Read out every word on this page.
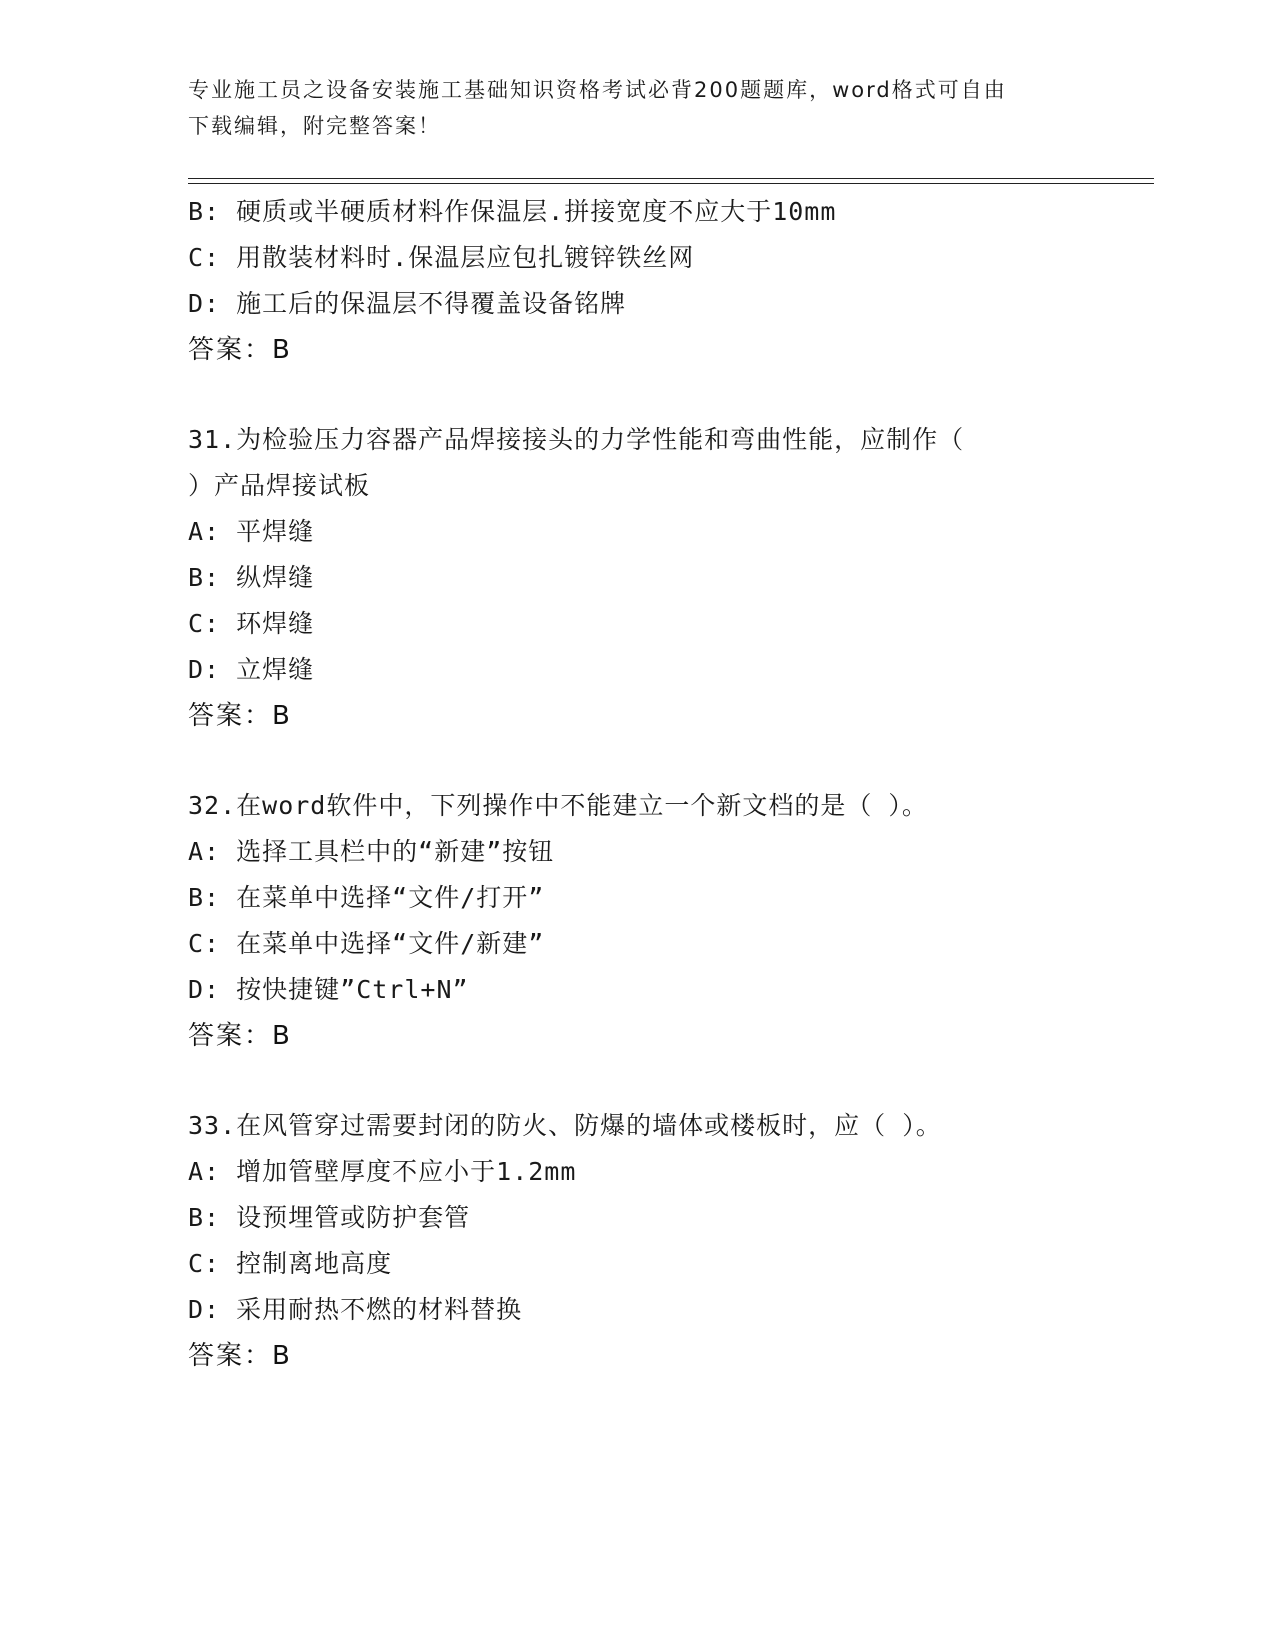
专业施工员之设备安装施工基础知识资格考试必背200题题库，word格式可自由

下载编辑，附完整答案！

B: 硬质或半硬质材料作保温层.拼接宽度不应大于10mm
C: 用散装材料时.保温层应包扎镀锌铁丝网
D: 施工后的保温层不得覆盖设备铭牌
答案：B
31.为检验压力容器产品焊接接头的力学性能和弯曲性能，应制作（
）产品焊接试板
A: 平焊缝
B: 纵焊缝
C: 环焊缝
D: 立焊缝
答案：B
32.在word软件中，下列操作中不能建立一个新文档的是（ ）。
A: 选择工具栏中的“新建”按钮
B: 在菜单中选择“文件/打开”
C: 在菜单中选择“文件/新建”
D: 按快捷键”Ctrl+N”
答案：B
33.在风管穿过需要封闭的防火、防爆的墙体或楼板时，应（ ）。
A: 增加管壁厚度不应小于1.2mm
B: 设预埋管或防护套管
C: 控制离地高度
D: 采用耐热不燃的材料替换
答案：B
